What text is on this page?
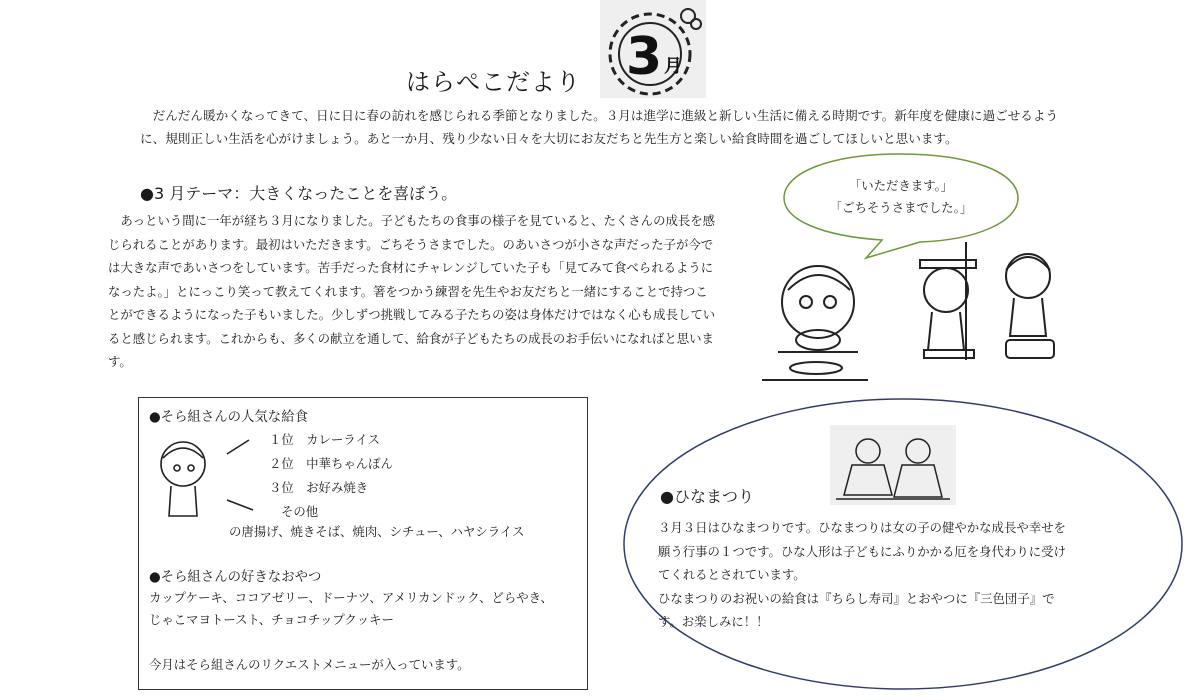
はらぺこだより 3 月

　だんだん暖かくなってきて、日に日に春の訪れを感じられる季節となりました。３月は進学に進級と新しい生活に備える時期です。新年度を健康に過ごせるように、規則正しい生活を心がけましょう。あと一か月、残り少ない日々を大切にお友だちと先生方と楽しい給食時間を過ごしてほしいと思います。

●3 月テーマ：大きくなったことを喜ぼう。

　あっという間に一年が経ち３月になりました。子どもたちの食事の様子を見ていると、たくさんの成長を感じられることがあります。最初はいただきます。ごちそうさまでした。のあいさつが小さな声だった子が今では大きな声であいさつをしています。苦手だった食材にチャレンジしていた子も「見てみて食べられるようになったよ。」とにっこり笑って教えてくれます。箸をつかう練習を先生やお友だちと一緒にすることで持つことができるようになった子もいました。少しずつ挑戦してみる子たちの姿は身体だけではなく心も成長していると感じられます。これからも、多くの献立を通して、給食が子どもたちの成長のお手伝いになればと思います。

「いただきます。」
「ごちそうさまでした。」
●そら組さんの人気な給食
１位　カレーライス
２位　中華ちゃんぽん
３位　お好み焼き
その他
の唐揚げ、焼きそば、焼肉、シチュー、ハヤシライス
●そら組さんの好きなおやつ
カップケーキ、ココアゼリー、ドーナツ、アメリカンドック、どらやき、
じゃこマヨトースト、チョコチップクッキー
今月はそら組さんのリクエストメニューが入っています。
●ひなまつり

３月３日はひなまつりです。ひなまつりは女の子の健やかな成長や幸せを願う行事の１つです。ひな人形は子どもにふりかかる厄を身代わりに受けてくれるとされています。

ひなまつりのお祝いの給食は『ちらし寿司』とおやつに『三色団子』です。お楽しみに！！
